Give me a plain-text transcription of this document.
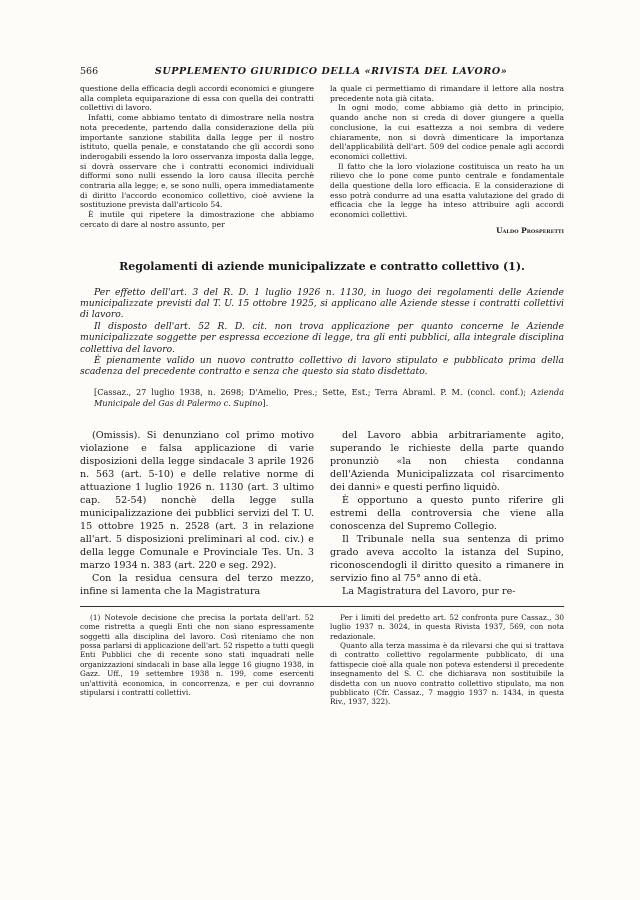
566	SUPPLEMENTO GIURIDICO DELLA «RIVISTA DEL LAVORO»

questione della efficacia degli accordi economici e giungere alla completa equiparazione di essa con quella dei contratti collettivi di lavoro.

Infatti, come abbiamo tentato di dimostrare nella nostra nota precedente, partendo dalla considerazione della più importante sanzione stabilita dalla legge per il nostro istituto, quella penale, e constatando che gli accordi sono inderogabili essendo la loro osservanza imposta dalla legge, si dovrà osservare che i contratti economici individuali difformi sono nulli essendo la loro causa illecita perchè contraria alla legge; e, se sono nulli, opera immediatamente di diritto l'accordo economico collettivo, cioè avviene la sostituzione prevista dall'articolo 54.

È inutile qui ripetere la dimostrazione che abbiamo cercato di dare al nostro assunto, per

la quale ci permettiamo di rimandare il lettore alla nostra precedente nota già citata.

In ogni modo, come abbiamo già detto in principio, quando anche non si creda di dover giungere a quella conclusione, la cui esattezza a noi sembra di vedere chiaramente, non si dovrà dimenticare la importanza dell'applicabilità dell'art. 509 del codice penale agli accordi economici collettivi.

Il fatto che la loro violazione costituisca un reato ha un rilievo che lo pone come punto centrale e fondamentale della questione della loro efficacia. E la considerazione di esso potrà condurre ad una esatta valutazione del grado di efficacia che la legge ha inteso attribuire agli accordi economici collettivi.

Ualdo Prosperetti
Regolamenti di aziende municipalizzate e contratto collettivo (1).

Per effetto dell'art. 3 del R. D. 1 luglio 1926 n. 1130, in luogo dei regolamenti delle Aziende municipalizzate previsti dal T. U. 15 ottobre 1925, si applicano alle Aziende stesse i contratti collettivi di lavoro.

Il disposto dell'art. 52 R. D. cit. non trova applicazione per quanto concerne le Aziende municipalizzate soggette per espressa eccezione di legge, tra gli enti pubblici, alla integrale disciplina collettiva del lavoro.

È pienamente valido un nuovo contratto collettivo di lavoro stipulato e pubblicato prima della scadenza del precedente contratto e senza che questo sia stato disdettato.

[Cassaz., 27 luglio 1938, n. 2698; D'Amelio, Pres.; Sette, Est.; Terra Abraml. P. M. (concl. conf.); Azienda Municipale del Gas di Palermo c. Supino].

(Omissis). Si denunziano col primo motivo violazione e falsa applicazione di varie disposizioni della legge sindacale 3 aprile 1926 n. 563 (art. 5-10) e delle relative norme di attuazione 1 luglio 1926 n. 1130 (art. 3 ultimo cap. 52-54) nonchè della legge sulla municipalizzazione dei pubblici servizi del T. U. 15 ottobre 1925 n. 2528 (art. 3 in relazione all'art. 5 disposizioni preliminari al cod. civ.) e della legge Comunale e Provinciale Tes. Un. 3 marzo 1934 n. 383 (art. 220 e seg. 292).

Con la residua censura del terzo mezzo, infine si lamenta che la Magistratura

del Lavoro abbia arbitrariamente agito, superando le richieste della parte quando pronunziò «la non chiesta condanna dell'Azienda Municipalizzata col risarcimento dei danni» e questi perfino liquidò.

È opportuno a questo punto riferire gli estremi della controversia che viene alla conoscenza del Supremo Collegio.

Il Tribunale nella sua sentenza di primo grado aveva accolto la istanza del Supino, riconoscendogli il diritto quesito a rimanere in servizio fino al 75° anno di età.

La Magistratura del Lavoro, pur re-

(1) Notevole decisione che precisa la portata dell'art. 52 come ristretta a quegli Enti che non siano espressamente soggetti alla disciplina del lavoro. Così riteniamo che non possa parlarsi di applicazione dell'art. 52 rispetto a tutti quegli Enti Pubblici che di recente sono stati inquadrati nelle organizzazioni sindacali in base alla legge 16 giugno 1938, in Gazz. Uff., 19 settembre 1938 n. 199, come esercenti un'attività economica, in concorrenza, e per cui dovranno stipularsi i contratti collettivi.

Per i limiti del predetto art. 52 confronta pure Cassaz., 30 luglio 1937 n. 3024, in questa Rivista 1937, 569, con nota redazionale.

Quanto alla terza massima è da rilevarsi che qui si trattava di contratto collettivo regolarmente pubblicato, di una fattispecie cioè alla quale non poteva estendersi il precedente insegnamento del S. C. che dichiarava non sostituibile la disdetta con un nuovo contratto collettivo stipulato, ma non pubblicato (Cfr. Cassaz., 7 maggio 1937 n. 1434, in questa Riv., 1937, 322).
